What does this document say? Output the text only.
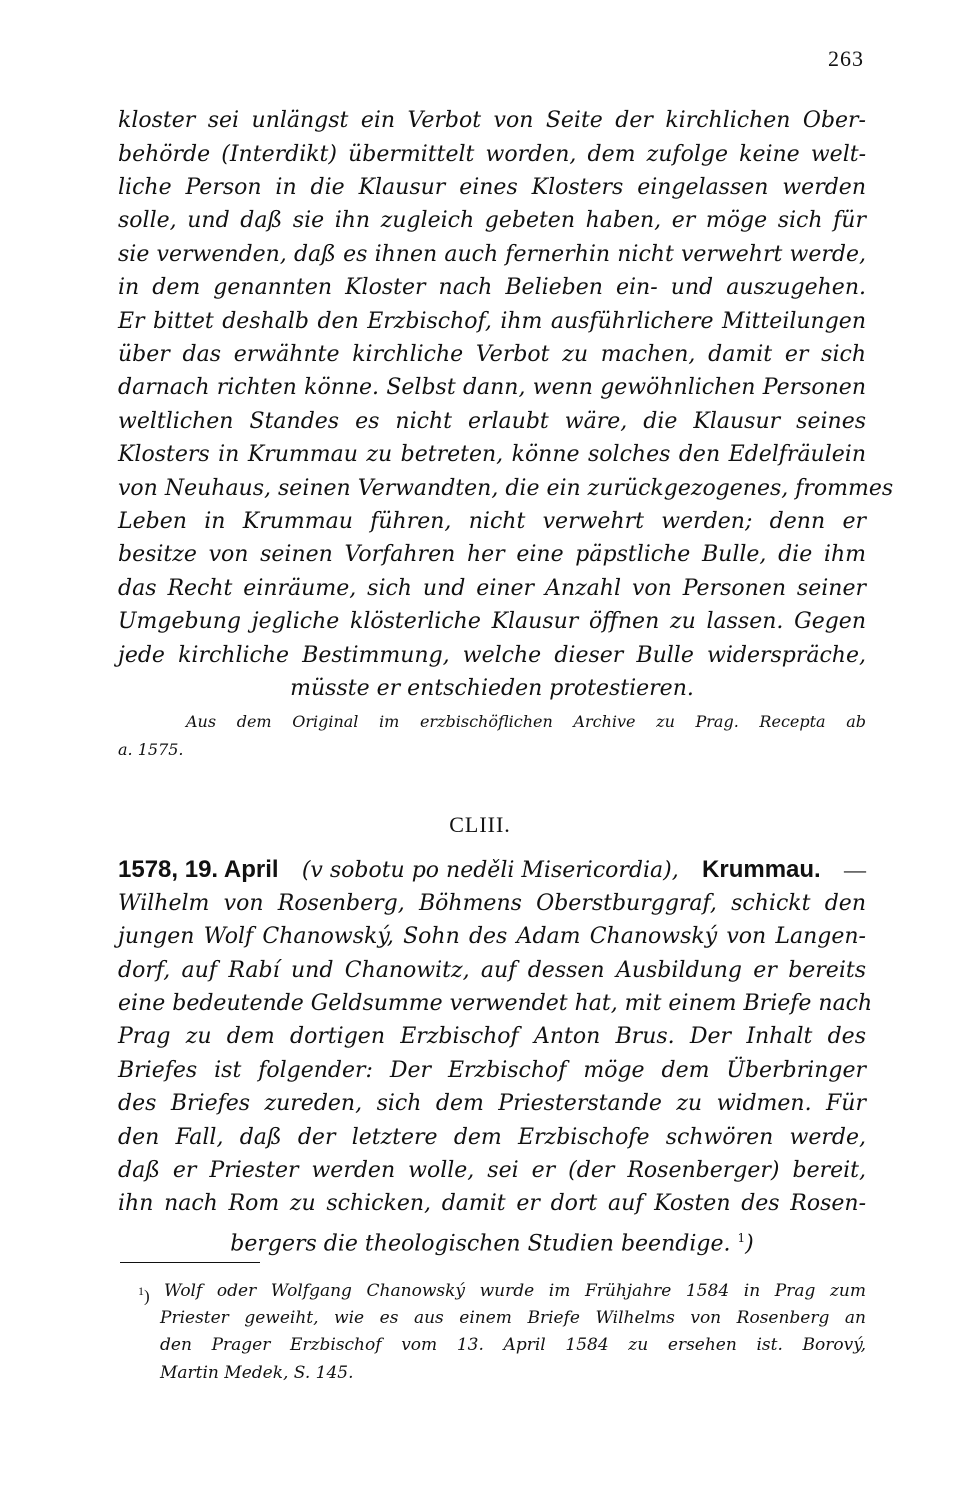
263
kloster sei unlängst ein Verbot von Seite der kirchlichen Ober-
behörde (Interdikt) übermittelt worden, dem zufolge keine welt-
liche Person in die Klausur eines Klosters eingelassen werden
solle, und daß sie ihn zugleich gebeten haben, er möge sich für
sie verwenden, daß es ihnen auch fernerhin nicht verwehrt werde,
in dem genannten Kloster nach Belieben ein- und auszugehen.
Er bittet deshalb den Erzbischof, ihm ausführlichere Mitteilungen
über das erwähnte kirchliche Verbot zu machen, damit er sich
darnach richten könne. Selbst dann, wenn gewöhnlichen Personen
weltlichen Standes es nicht erlaubt wäre, die Klausur seines
Klosters in Krummau zu betreten, könne solches den Edelfräulein
von Neuhaus, seinen Verwandten, die ein zurückgezogenes, frommes
Leben in Krummau führen, nicht verwehrt werden; denn er
besitze von seinen Vorfahren her eine päpstliche Bulle, die ihm
das Recht einräume, sich und einer Anzahl von Personen seiner
Umgebung jegliche klösterliche Klausur öffnen zu lassen. Gegen
jede kirchliche Bestimmung, welche dieser Bulle widerspräche,
müsste er entschieden protestieren.
Aus dem Original im erzbischöflichen Archive zu Prag. Recepta ab
a. 1575.
CLIII.
1578, 19. April (v sobotu po neděli Misericordia), Krummau. —
Wilhelm von Rosenberg, Böhmens Oberstburggraf, schickt den
jungen Wolf Chanowský, Sohn des Adam Chanowský von Langen-
dorf, auf Rabí und Chanowitz, auf dessen Ausbildung er bereits
eine bedeutende Geldsumme verwendet hat, mit einem Briefe nach
Prag zu dem dortigen Erzbischof Anton Brus. Der Inhalt des
Briefes ist folgender: Der Erzbischof möge dem Überbringer
des Briefes zureden, sich dem Priesterstande zu widmen. Für
den Fall, daß der letztere dem Erzbischofe schwören werde,
daß er Priester werden wolle, sei er (der Rosenberger) bereit,
ihn nach Rom zu schicken, damit er dort auf Kosten des Rosen-
bergers die theologischen Studien beendige. $^1$)
$^1$) Wolf oder Wolfgang Chanowský wurde im Frühjahre 1584 in Prag zum
Priester geweiht, wie es aus einem Briefe Wilhelms von Rosenberg an
den Prager Erzbischof vom 13. April 1584 zu ersehen ist. Borový,
Martin Medek, S. 145.
